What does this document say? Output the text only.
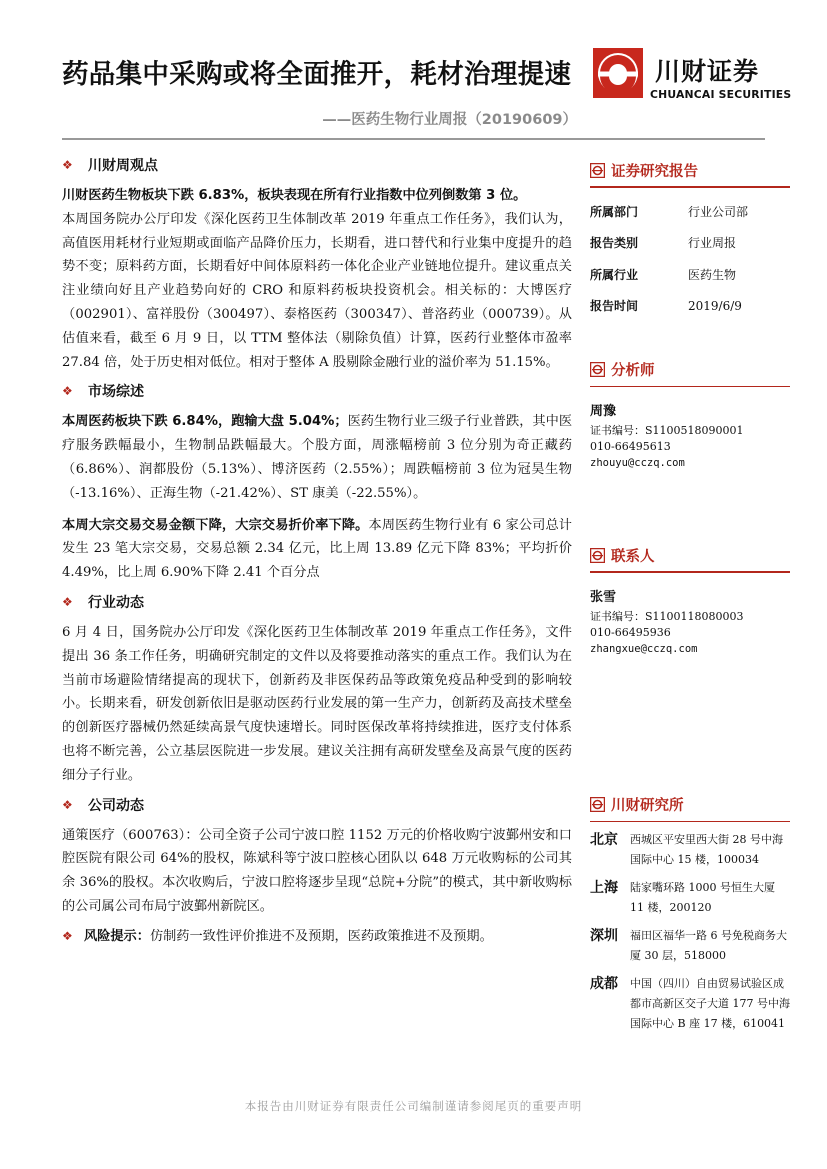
药品集中采购或将全面推开，耗材治理提速
——医药生物行业周报（20190609）
川财证券
CHUANCAI SECURITIES
❖ 川财周观点
川财医药生物板块下跌 6.83%，板块表现在所有行业指数中位列倒数第 3 位。
本周国务院办公厅印发《深化医药卫生体制改革 2019 年重点工作任务》，我们认为，高值医用耗材行业短期或面临产品降价压力，长期看，进口替代和行业集中度提升的趋势不变；原料药方面，长期看好中间体原料药一体化企业产业链地位提升。建议重点关注业绩向好且产业趋势向好的 CRO 和原料药板块投资机会。相关标的：大博医疗（002901）、富祥股份（300497）、泰格医药（300347）、普洛药业（000739）。从估值来看，截至 6 月 9 日，以 TTM 整体法（剔除负值）计算，医药行业整体市盈率 27.84 倍，处于历史相对低位。相对于整体 A 股剔除金融行业的溢价率为 51.15%。
❖ 市场综述
本周医药板块下跌 6.84%，跑输大盘 5.04%；医药生物行业三级子行业普跌，其中医疗服务跌幅最小，生物制品跌幅最大。个股方面，周涨幅榜前 3 位分别为奇正藏药（6.86%）、润都股份（5.13%）、博济医药（2.55%）；周跌幅榜前 3 位为冠昊生物（-13.16%）、正海生物（-21.42%）、ST 康美（-22.55%）。
本周大宗交易交易金额下降，大宗交易折价率下降。本周医药生物行业有 6 家公司总计发生 23 笔大宗交易，交易总额 2.34 亿元，比上周 13.89 亿元下降 83%；平均折价 4.49%，比上周 6.90%下降 2.41 个百分点
❖ 行业动态
6 月 4 日，国务院办公厅印发《深化医药卫生体制改革 2019 年重点工作任务》，文件提出 36 条工作任务，明确研究制定的文件以及将要推动落实的重点工作。我们认为在当前市场避险情绪提高的现状下，创新药及非医保药品等政策免疫品种受到的影响较小。长期来看，研发创新依旧是驱动医药行业发展的第一生产力，创新药及高技术壁垒的创新医疗器械仍然延续高景气度快速增长。同时医保改革将持续推进，医疗支付体系也将不断完善，公立基层医院进一步发展。建议关注拥有高研发壁垒及高景气度的医药细分子行业。
❖ 公司动态
通策医疗（600763）：公司全资子公司宁波口腔 1152 万元的价格收购宁波鄞州安和口腔医院有限公司 64%的股权，陈斌科等宁波口腔核心团队以 648 万元收购标的公司其余 36%的股权。本次收购后，宁波口腔将逐步呈现“总院+分院”的模式，其中新收购标的公司属公司布局宁波鄞州新院区。
❖ 风险提示：仿制药一致性评价推进不及预期，医药政策推进不及预期。
证券研究报告
所属部门	行业公司部
报告类别	行业周报
所属行业	医药生物
报告时间	2019/6/9
分析师
周豫
证书编号：S1100518090001
010-66495613
zhouyu@cczq.com
联系人
张雪
证书编号：S1100118080003
010-66495936
zhangxue@cczq.com
川财研究所
北京	西城区平安里西大街 28 号中海国际中心 15 楼，100034
上海	陆家嘴环路 1000 号恒生大厦 11 楼，200120
深圳	福田区福华一路 6 号免税商务大厦 30 层，518000
成都	中国（四川）自由贸易试验区成都市高新区交子大道 177 号中海国际中心 B 座 17 楼，610041
本报告由川财证券有限责任公司编制谨请参阅尾页的重要声明
